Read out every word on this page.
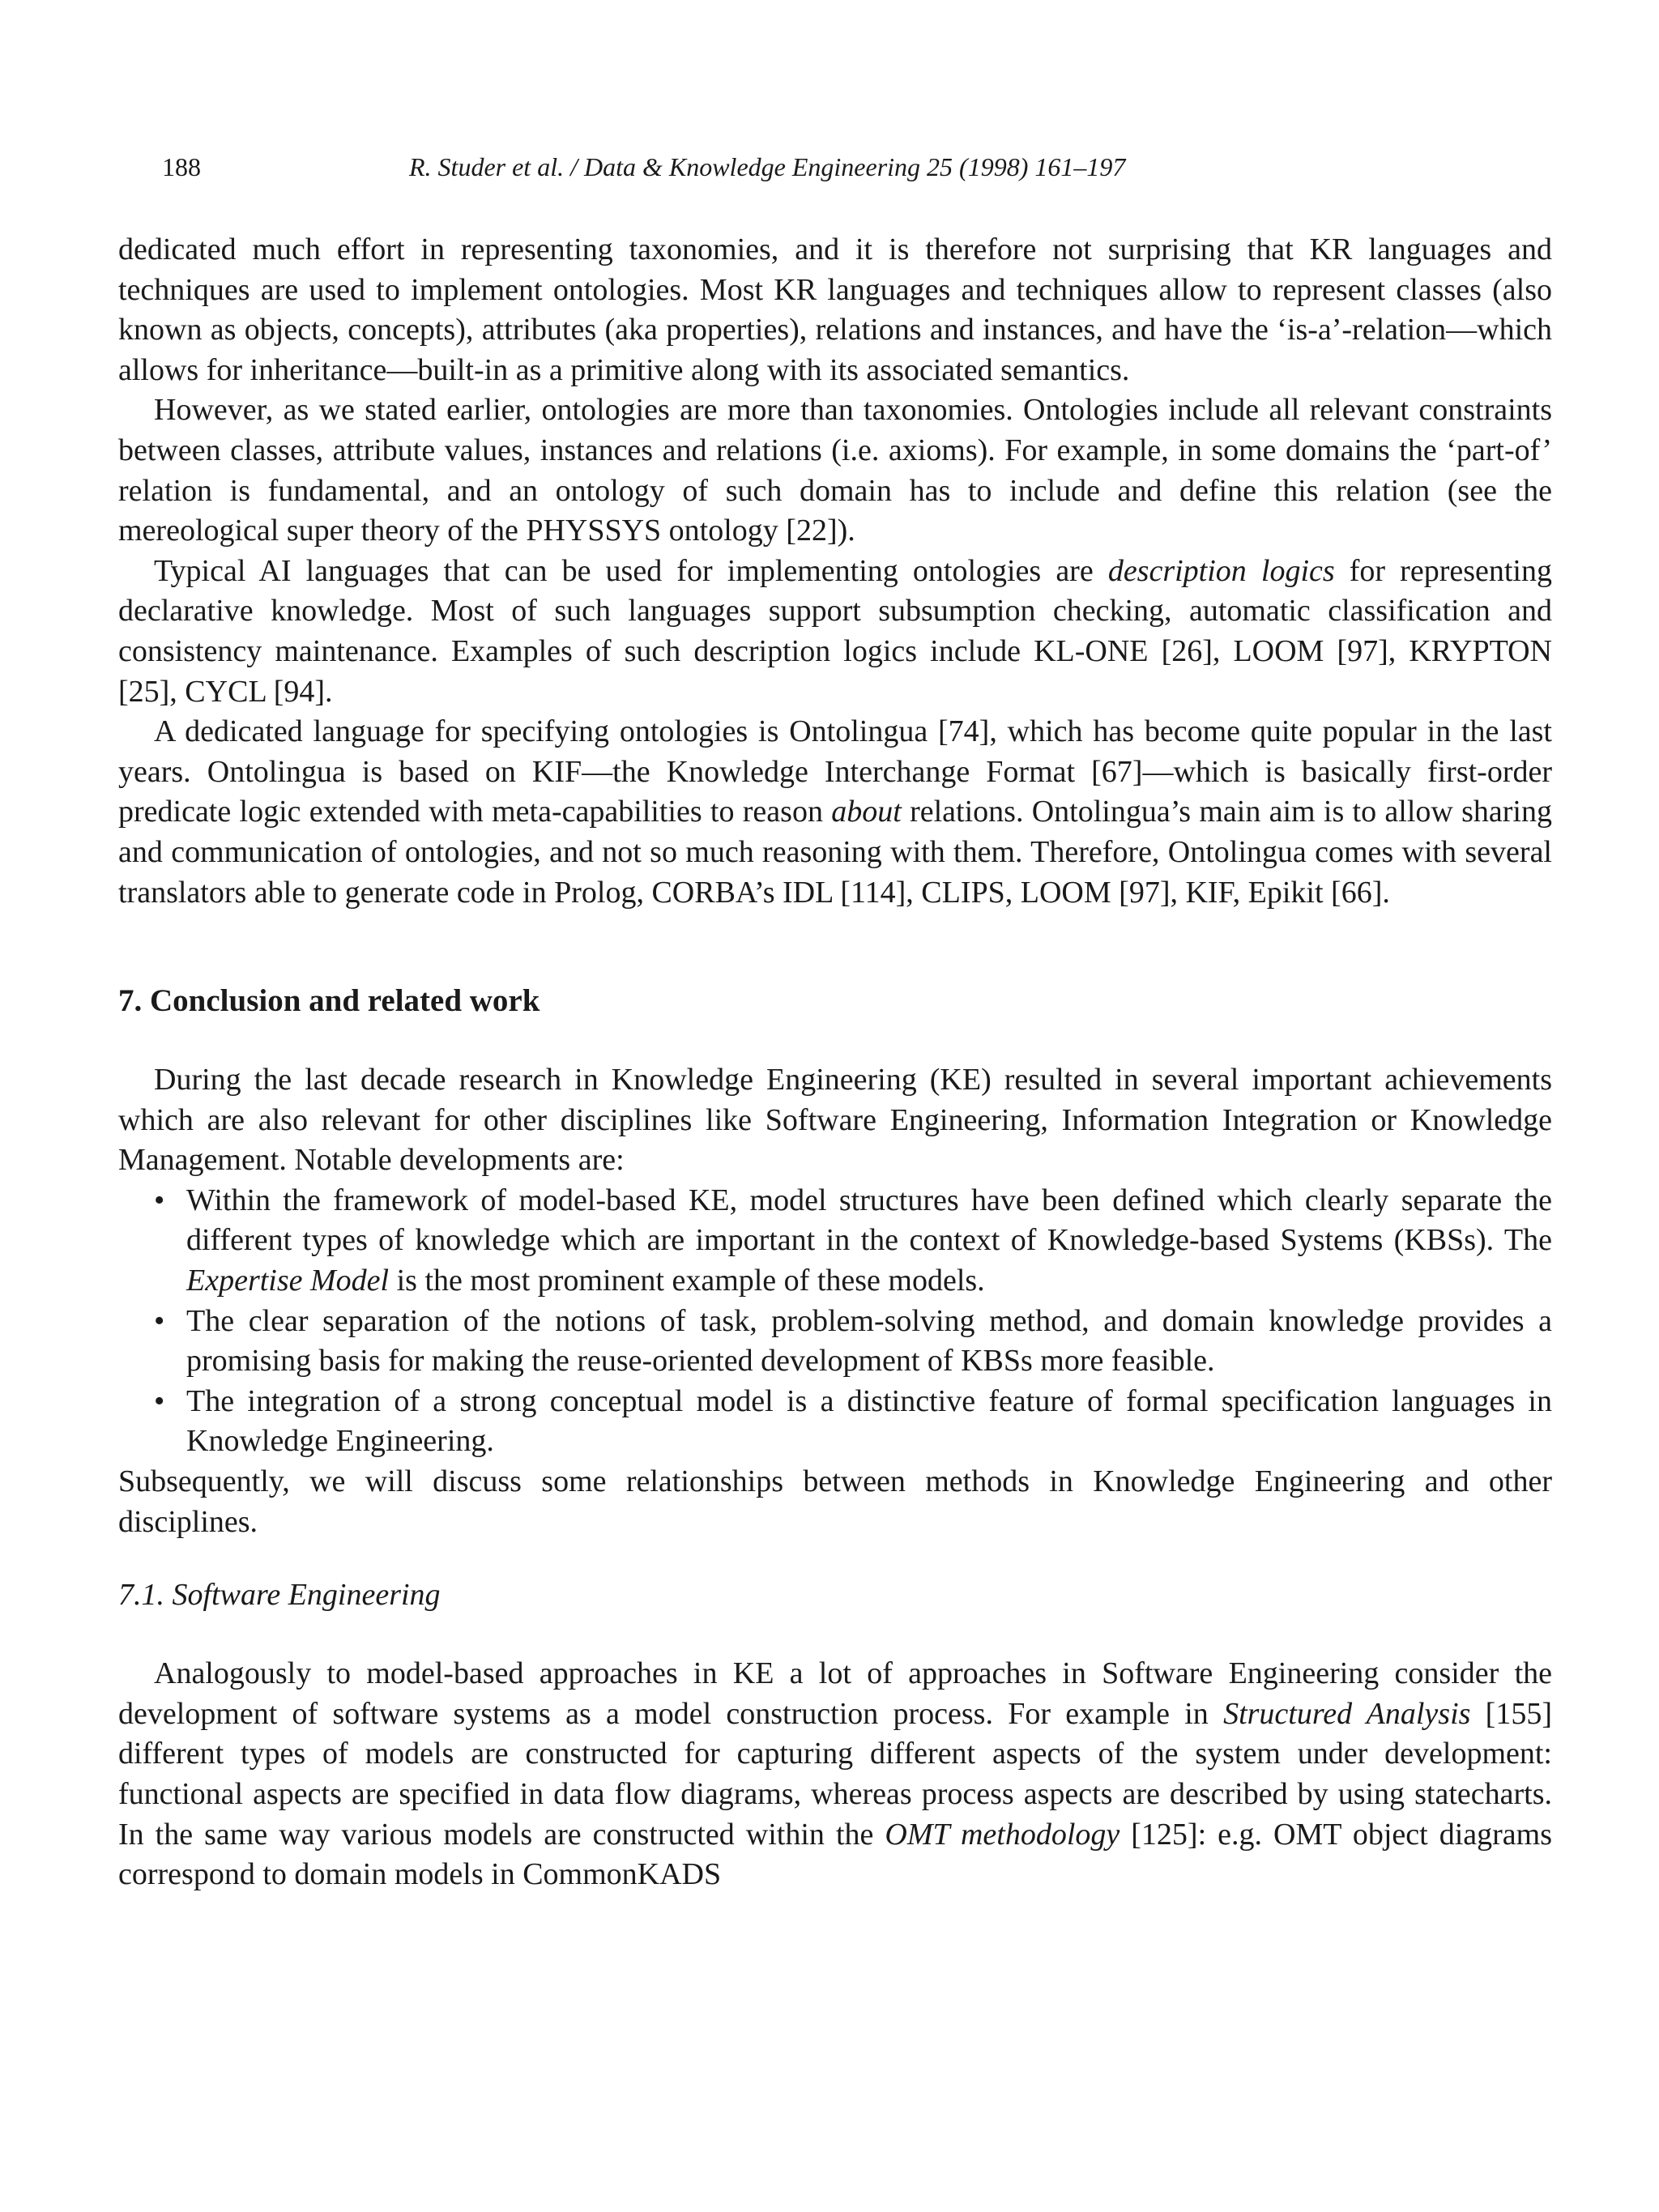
188	R. Studer et al. / Data & Knowledge Engineering 25 (1998) 161–197

dedicated much effort in representing taxonomies, and it is therefore not surprising that KR languages and techniques are used to implement ontologies. Most KR languages and techniques allow to represent classes (also known as objects, concepts), attributes (aka properties), relations and instances, and have the ‘is-a’-relation—which allows for inheritance—built-in as a primitive along with its associated semantics.

However, as we stated earlier, ontologies are more than taxonomies. Ontologies include all relevant constraints between classes, attribute values, instances and relations (i.e. axioms). For example, in some domains the ‘part-of’ relation is fundamental, and an ontology of such domain has to include and define this relation (see the mereological super theory of the PHYSSYS ontology [22]).

Typical AI languages that can be used for implementing ontologies are description logics for representing declarative knowledge. Most of such languages support subsumption checking, automatic classification and consistency maintenance. Examples of such description logics include KL-ONE [26], LOOM [97], KRYPTON [25], CYCL [94].

A dedicated language for specifying ontologies is Ontolingua [74], which has become quite popular in the last years. Ontolingua is based on KIF—the Knowledge Interchange Format [67]—which is basically first-order predicate logic extended with meta-capabilities to reason about relations. Ontolingua’s main aim is to allow sharing and communication of ontologies, and not so much reasoning with them. Therefore, Ontolingua comes with several translators able to generate code in Prolog, CORBA’s IDL [114], CLIPS, LOOM [97], KIF, Epikit [66].

7. Conclusion and related work

During the last decade research in Knowledge Engineering (KE) resulted in several important achievements which are also relevant for other disciplines like Software Engineering, Information Integration or Knowledge Management. Notable developments are:

• Within the framework of model-based KE, model structures have been defined which clearly separate the different types of knowledge which are important in the context of Knowledge-based Systems (KBSs). The Expertise Model is the most prominent example of these models.
• The clear separation of the notions of task, problem-solving method, and domain knowledge provides a promising basis for making the reuse-oriented development of KBSs more feasible.
• The integration of a strong conceptual model is a distinctive feature of formal specification languages in Knowledge Engineering.

Subsequently, we will discuss some relationships between methods in Knowledge Engineering and other disciplines.

7.1. Software Engineering

Analogously to model-based approaches in KE a lot of approaches in Software Engineering consider the development of software systems as a model construction process. For example in Structured Analysis [155] different types of models are constructed for capturing different aspects of the system under development: functional aspects are specified in data flow diagrams, whereas process aspects are described by using statecharts. In the same way various models are constructed within the OMT methodology [125]: e.g. OMT object diagrams correspond to domain models in CommonKADS
